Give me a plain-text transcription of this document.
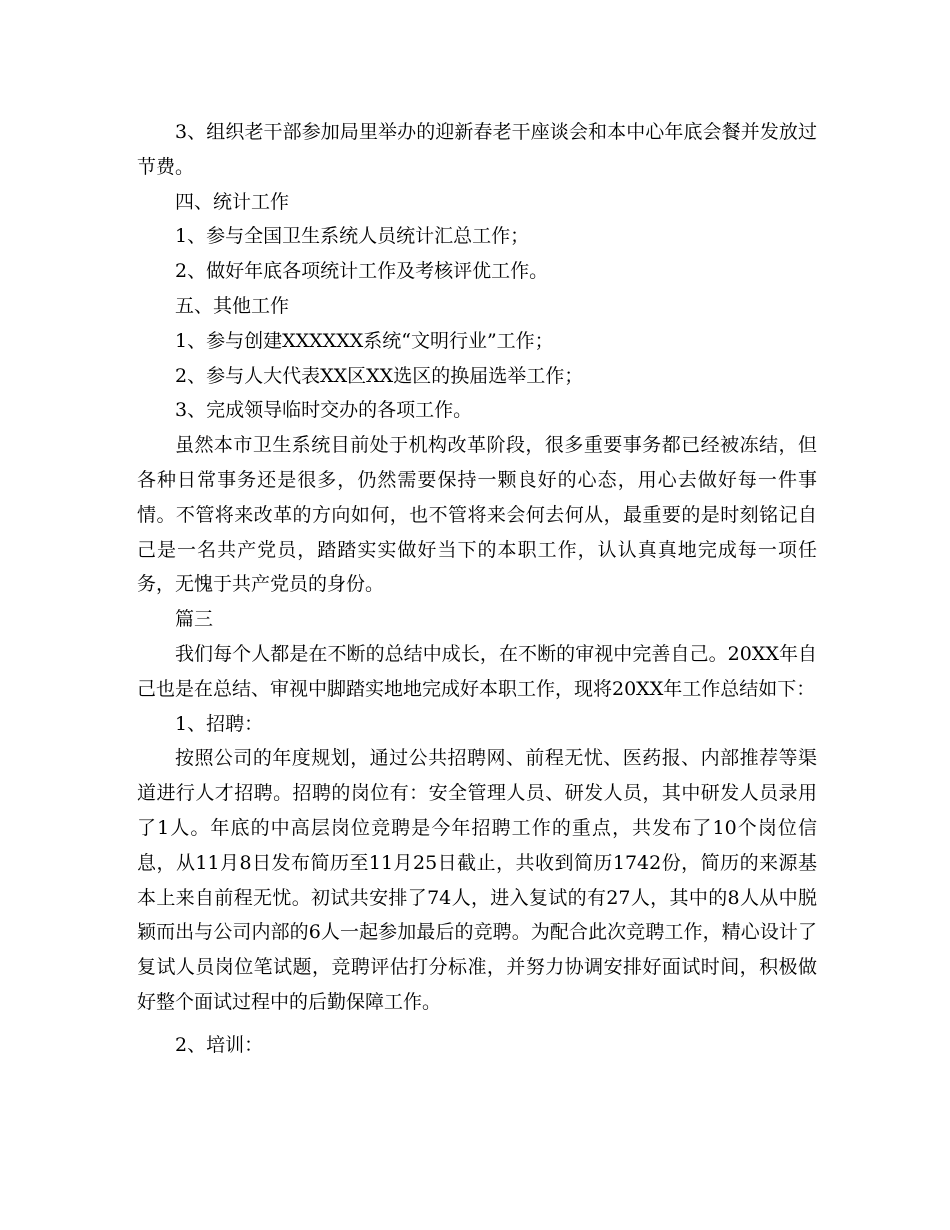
3、组织老干部参加局里举办的迎新春老干座谈会和本中心年底会餐并发放过节费。

四、统计工作

1、参与全国卫生系统人员统计汇总工作；

2、做好年底各项统计工作及考核评优工作。

五、其他工作

1、参与创建XXXXXX系统“文明行业”工作；

2、参与人大代表XX区XX选区的换届选举工作；

3、完成领导临时交办的各项工作。

虽然本市卫生系统目前处于机构改革阶段，很多重要事务都已经被冻结，但各种日常事务还是很多，仍然需要保持一颗良好的心态，用心去做好每一件事情。不管将来改革的方向如何，也不管将来会何去何从，最重要的是时刻铭记自己是一名共产党员，踏踏实实做好当下的本职工作，认认真真地完成每一项任务，无愧于共产党员的身份。

篇三

我们每个人都是在不断的总结中成长，在不断的审视中完善自己。20XX年自己也是在总结、审视中脚踏实地地完成好本职工作，现将20XX年工作总结如下：

1、招聘：

按照公司的年度规划，通过公共招聘网、前程无忧、医药报、内部推荐等渠道进行人才招聘。招聘的岗位有：安全管理人员、研发人员，其中研发人员录用了1人。年底的中高层岗位竞聘是今年招聘工作的重点，共发布了10个岗位信息，从11月8日发布简历至11月25日截止，共收到简历1742份，简历的来源基本上来自前程无忧。初试共安排了74人，进入复试的有27人，其中的8人从中脱颖而出与公司内部的6人一起参加最后的竞聘。为配合此次竞聘工作，精心设计了复试人员岗位笔试题，竞聘评估打分标准，并努力协调安排好面试时间，积极做好整个面试过程中的后勤保障工作。

2、培训：
